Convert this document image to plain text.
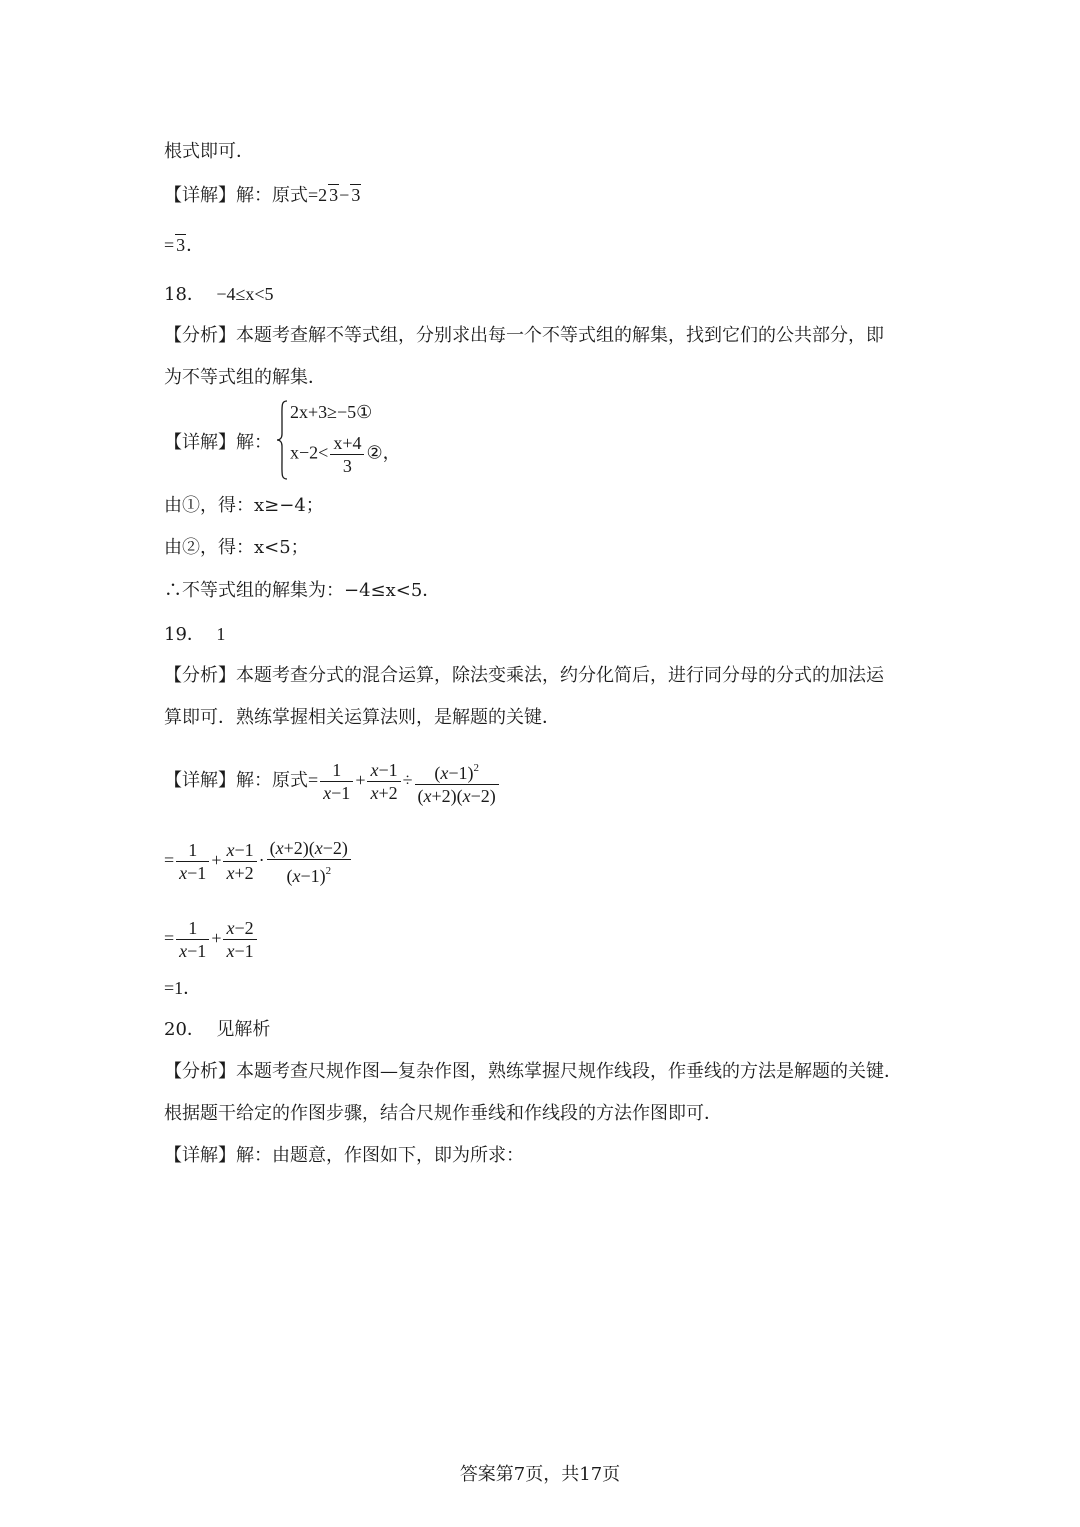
根式即可．
【详解】解：原式=2 3− 3
= 3．
18． −4≤x<5
【分析】本题考查解不等式组，分别求出每一个不等式组的解集，找到它们的公共部分，即
为不等式组的解集．
【详解】解：
2x+3≥−5①
$x-2< \frac{x+4}{3}$ ②，
由①，得：x≥−4；
由②，得：x<5；
∴不等式组的解集为：−4≤x<5．
19． 1
【分析】本题考查分式的混合运算，除法变乘法，约分化简后，进行同分母的分式的加法运
算即可．熟练掌握相关运算法则，是解题的关键．
【详解】解：原式= $\frac{1}{x-1} + \frac{x-1}{x+2} \div \frac{(x-1)^2}{(x+2)(x-2)}$
= $\frac{1}{x-1} + \frac{x-1}{x+2} \cdot \frac{(x+2)(x-2)}{(x-1)^2}$
= $\frac{1}{x-1} + \frac{x-2}{x-1}$
=1．
20． 见解析
【分析】本题考查尺规作图—复杂作图，熟练掌握尺规作线段，作垂线的方法是解题的关键．
根据题干给定的作图步骤，结合尺规作垂线和作线段的方法作图即可．
【详解】解：由题意，作图如下，即为所求：
答案第7页，共17页
